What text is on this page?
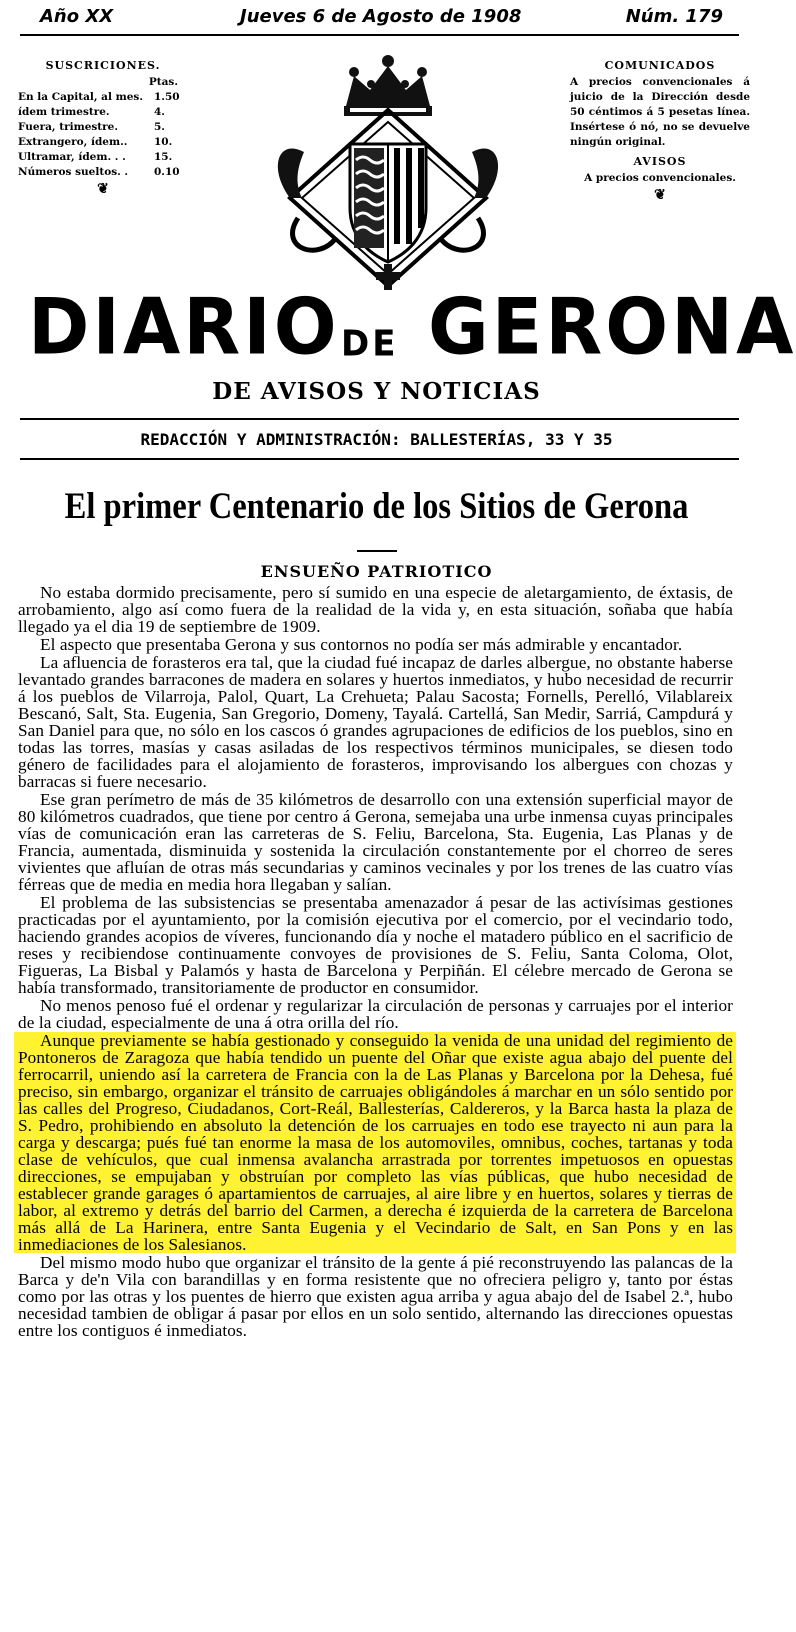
Año XX	Jueves 6 de Agosto de 1908	Núm. 179
SUSCRICIONES.
Ptas.
En la Capital, al mes. 1.50
ídem trimestre.	4.
Fuera, trimestre.	5.
Extrangero, ídem..	10.
Ultramar, ídem. . .	15.
Números sueltos. . 0.10
❦
COMUNICADOS

A precios convencionales á juicio de la Dirección desde 50 céntimos á 5 pesetas línea. Insértese ó nó, no se devuelve ningún original.

AVISOS

A precios convencionales.

❦
DIARIO DE GERONA
DE AVISOS Y NOTICIAS
REDACCIÓN Y ADMINISTRACIÓN: BALLESTERÍAS, 33 Y 35
El primer Centenario de los Sitios de Gerona
ENSUEÑO PATRIOTICO

No estaba dormido precisamente, pero sí sumido en una especie de aletargamiento, de éxtasis, de arrobamiento, algo así como fuera de la realidad de la vida y, en esta situación, soñaba que había llegado ya el dia 19 de septiembre de 1909.

El aspecto que presentaba Gerona y sus contornos no podía ser más admirable y encantador.

La afluencia de forasteros era tal, que la ciudad fué incapaz de darles albergue, no obstante haberse levantado grandes barracones de madera en solares y huertos inmediatos, y hubo necesidad de recurrir á los pueblos de Vilarroja, Palol, Quart, La Crehueta; Palau Sacosta; Fornells, Perelló, Vilablareix Bescanó, Salt, Sta. Eugenia, San Gregorio, Domeny, Tayalá. Cartellá, San Medir, Sarriá, Campdurá y San Daniel para que, no sólo en los cascos ó grandes agrupaciones de edificios de los pueblos, sino en todas las torres, masías y casas asiladas de los respectivos términos municipales, se diesen todo género de facilidades para el alojamiento de forasteros, improvisando los albergues con chozas y barracas si fuere necesario.

Ese gran perímetro de más de 35 kilómetros de desarrollo con una extensión superficial mayor de 80 kilómetros cuadrados, que tiene por centro á Gerona, semejaba una urbe inmensa cuyas principales vías de comunicación eran las carreteras de S. Feliu, Barcelona, Sta. Eugenia, Las Planas y de Francia, aumentada, disminuida y sostenida la circulación constantemente por el chorreo de seres vivientes que afluían de otras más secundarias y caminos vecinales y por los trenes de las cuatro vías férreas que de media en media hora llegaban y salían.

El problema de las subsistencias se presentaba amenazador á pesar de las activísimas gestiones practicadas por el ayuntamiento, por la comisión ejecutiva por el comercio, por el vecindario todo, haciendo grandes acopios de víveres, funcionando día y noche el matadero público en el sacrificio de reses y recibiendose continuamente convoyes de provisiones de S. Feliu, Santa Coloma, Olot, Figueras, La Bisbal y Palamós y hasta de Barcelona y Perpiñán. El célebre mercado de Gerona se había transformado, transitoriamente de productor en consumidor.

No menos penoso fué el ordenar y regularizar la circulación de personas y carruajes por el interior de la ciudad, especialmente de una á otra orilla del río.

Aunque previamente se había gestionado y conseguido la venida de una unidad del regimiento de Pontoneros de Zaragoza que había tendido un puente del Oñar que existe agua abajo del puente del ferrocarril, uniendo así la carretera de Francia con la de Las Planas y Barcelona por la Dehesa, fué preciso, sin embargo, organizar el tránsito de carruajes obligándoles á marchar en un sólo sentido por las calles del Progreso, Ciudadanos, Cort-Reál, Ballesterías, Caldereros, y la Barca hasta la plaza de S. Pedro, prohibiendo en absoluto la detención de los carruajes en todo ese trayecto ni aun para la carga y descarga; pués fué tan enorme la masa de los automoviles, omnibus, coches, tartanas y toda clase de vehículos, que cual inmensa avalancha arrastrada por torrentes impetuosos en opuestas direcciones, se empujaban y obstruían por completo las vías públicas, que hubo necesidad de establecer grande garages ó apartamientos de carruajes, al aire libre y en huertos, solares y tierras de labor, al extremo y detrás del barrio del Carmen, a derecha é izquierda de la carretera de Barcelona más allá de La Harinera, entre Santa Eugenia y el Vecindario de Salt, en San Pons y en las inmediaciones de los Salesianos.

Del mismo modo hubo que organizar el tránsito de la gente á pié reconstruyendo las palancas de la Barca y de'n Vila con barandillas y en forma resistente que no ofreciera peligro y, tanto por éstas como por las otras y los puentes de hierro que existen agua arriba y agua abajo del de Isabel 2.ª, hubo necesidad tambien de obligar á pasar por ellos en un solo sentido, alternando las direcciones opuestas entre los contiguos é inmediatos.
